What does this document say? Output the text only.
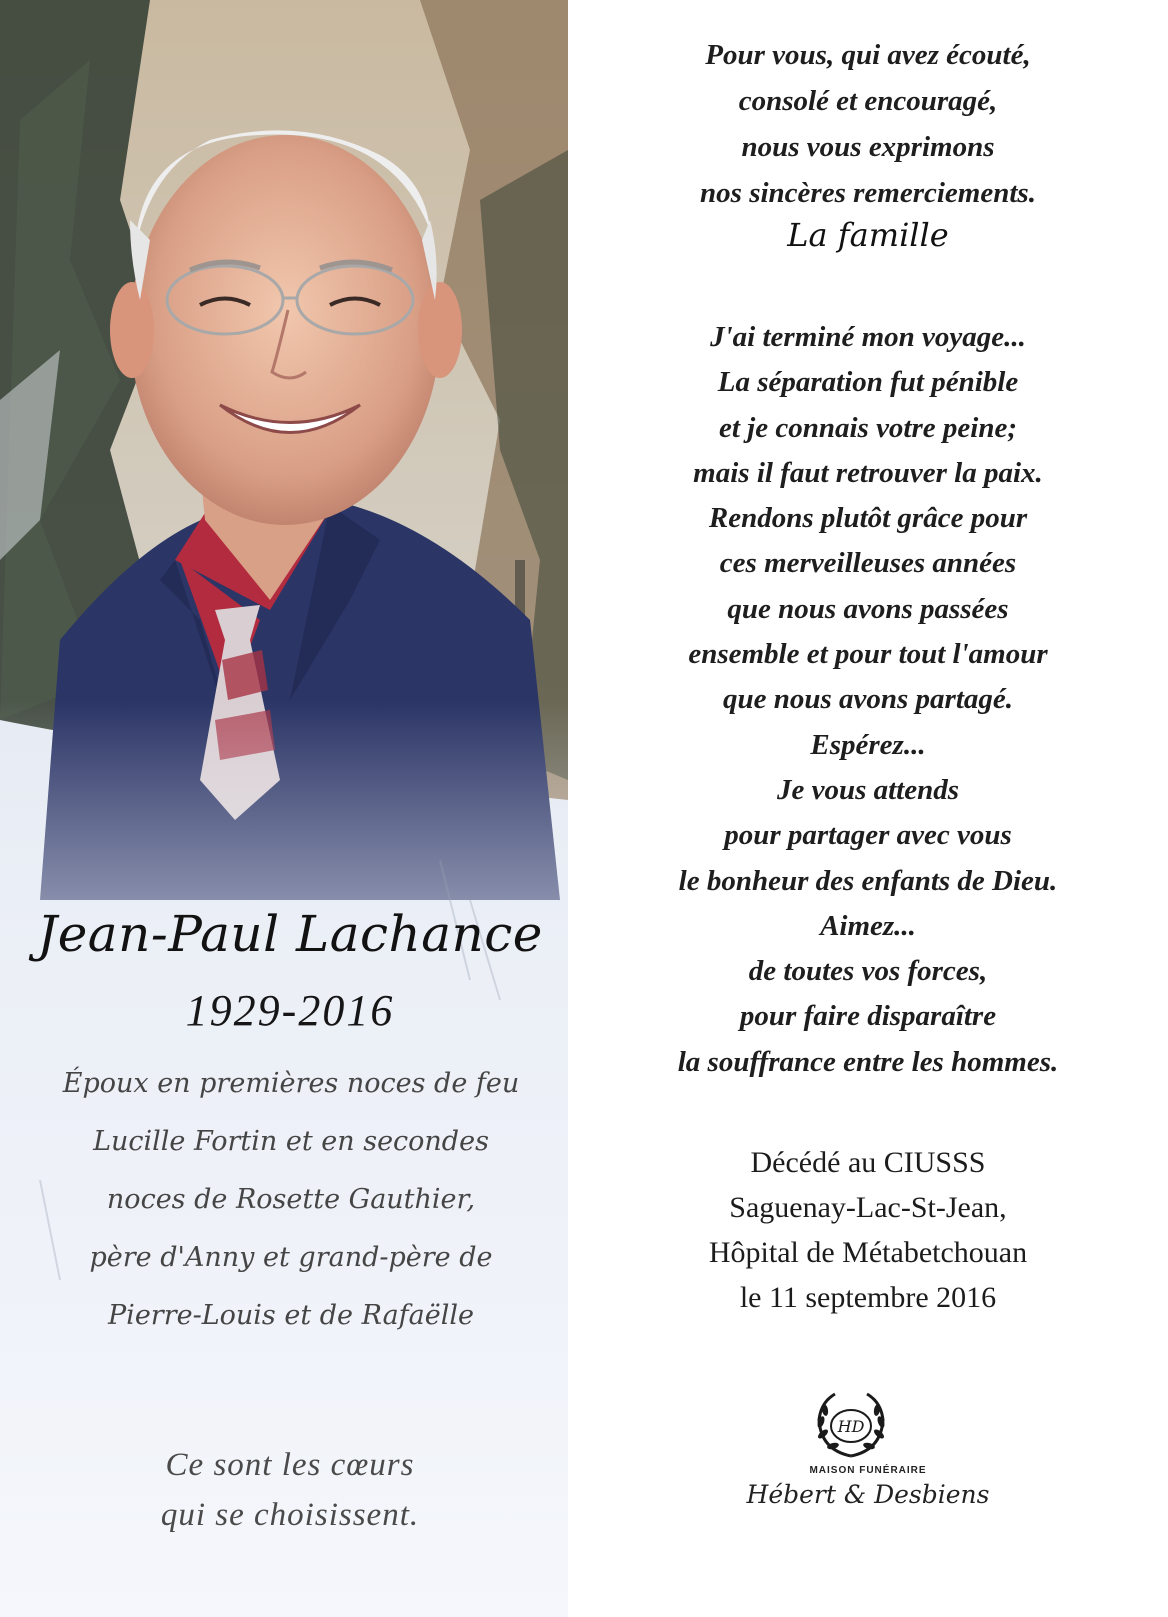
Jean-Paul Lachance
1929-2016
Époux en premières noces de feu
Lucille Fortin et en secondes
noces de Rosette Gauthier,
père d'Anny et grand-père de
Pierre-Louis et de Rafaëlle
Ce sont les cœurs
qui se choisissent.
Pour vous, qui avez écouté,
consolé et encouragé,
nous vous exprimons
nos sincères remerciements.
La famille
J'ai terminé mon voyage...
La séparation fut pénible
et je connais votre peine;
mais il faut retrouver la paix.
Rendons plutôt grâce pour
ces merveilleuses années
que nous avons passées
ensemble et pour tout l'amour
que nous avons partagé.
Espérez...
Je vous attends
pour partager avec vous
le bonheur des enfants de Dieu.
Aimez...
de toutes vos forces,
pour faire disparaître
la souffrance entre les hommes.
Décédé au CIUSSS
Saguenay-Lac-St-Jean,
Hôpital de Métabetchouan
le 11 septembre 2016
HD
MAISON FUNÉRAIRE
Hébert & Desbiens
